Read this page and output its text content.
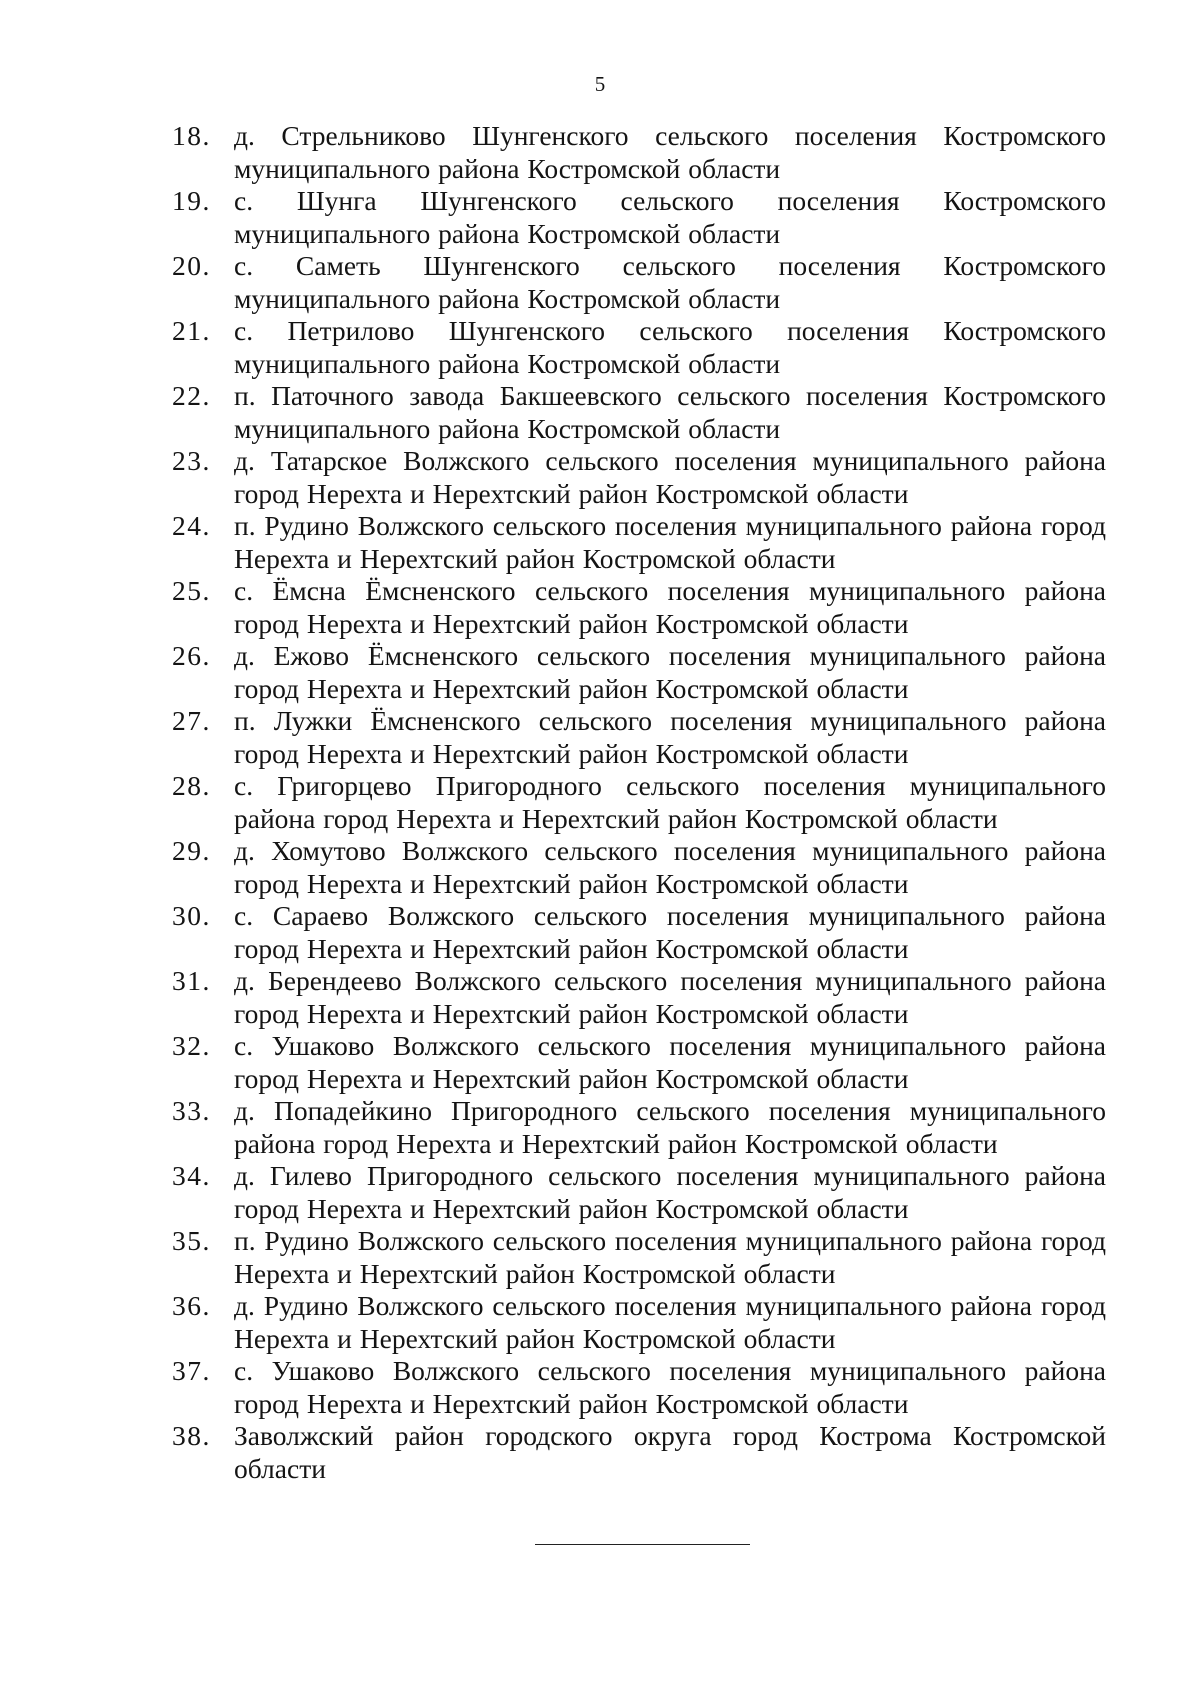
5
18. д. Стрельниково Шунгенского сельского поселения Костромского муниципального района Костромской области
19. с. Шунга Шунгенского сельского поселения Костромского муниципального района Костромской области
20. с. Саметь Шунгенского сельского поселения Костромского муниципального района Костромской области
21. с. Петрилово Шунгенского сельского поселения Костромского муниципального района Костромской области
22. п. Паточного завода Бакшеевского сельского поселения Костромского муниципального района Костромской области
23. д. Татарское Волжского сельского поселения муниципального района город Нерехта и Нерехтский район Костромской области
24. п. Рудино Волжского сельского поселения муниципального района город Нерехта и Нерехтский район Костромской области
25. с. Ёмсна Ёмсненского сельского поселения муниципального района город Нерехта и Нерехтский район Костромской области
26. д. Ежово Ёмсненского сельского поселения муниципального района город Нерехта и Нерехтский район Костромской области
27. п. Лужки Ёмсненского сельского поселения муниципального района город Нерехта и Нерехтский район Костромской области
28. с. Григорцево Пригородного сельского поселения муниципального района город Нерехта и Нерехтский район Костромской области
29. д. Хомутово Волжского сельского поселения муниципального района город Нерехта и Нерехтский район Костромской области
30. с. Сараево Волжского сельского поселения муниципального района город Нерехта и Нерехтский район Костромской области
31. д. Берендеево Волжского сельского поселения муниципального района город Нерехта и Нерехтский район Костромской области
32. с. Ушаково Волжского сельского поселения муниципального района город Нерехта и Нерехтский район Костромской области
33. д. Попадейкино Пригородного сельского поселения муниципального района город Нерехта и Нерехтский район Костромской области
34. д. Гилево Пригородного сельского поселения муниципального района город Нерехта и Нерехтский район Костромской области
35. п. Рудино Волжского сельского поселения муниципального района город Нерехта и Нерехтский район Костромской области
36. д. Рудино Волжского сельского поселения муниципального района город Нерехта и Нерехтский район Костромской области
37. с. Ушаково Волжского сельского поселения муниципального района город Нерехта и Нерехтский район Костромской области
38. Заволжский район городского округа город Кострома Костромской области
